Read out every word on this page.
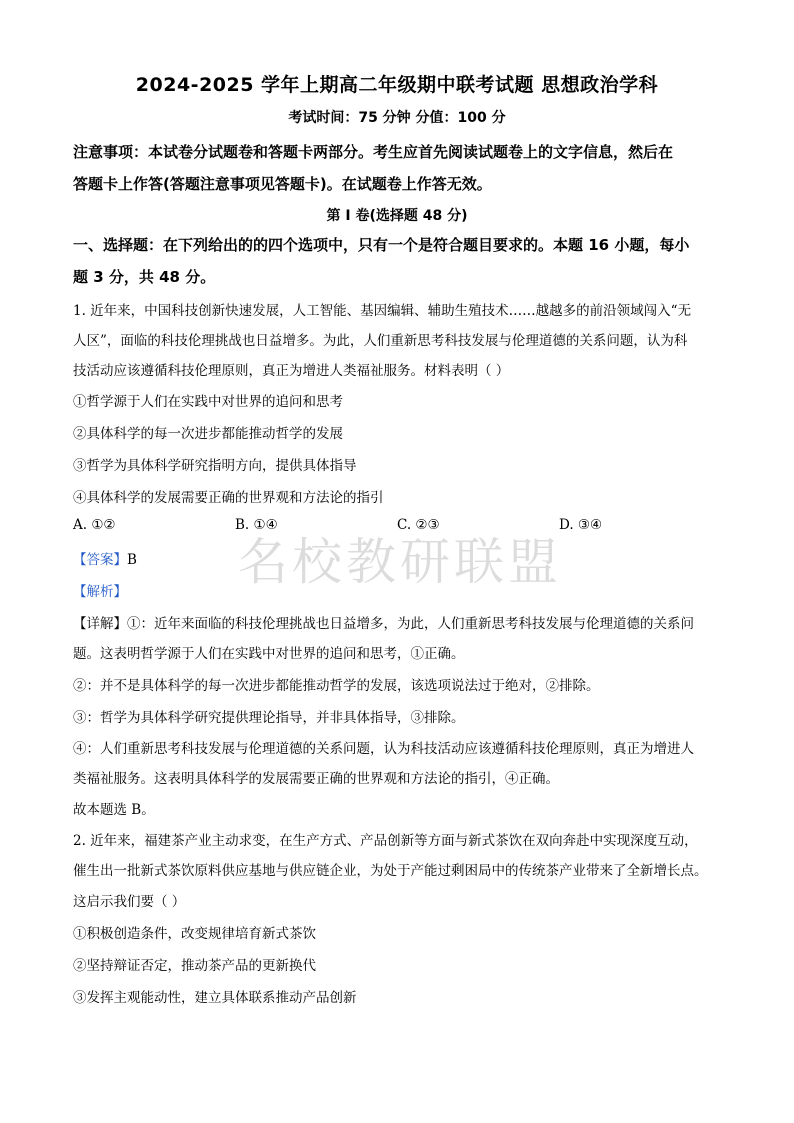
2024-2025 学年上期高二年级期中联考试题 思想政治学科
考试时间：75 分钟 分值：100 分
注意事项：本试卷分试题卷和答题卡两部分。考生应首先阅读试题卷上的文字信息，然后在
答题卡上作答(答题注意事项见答题卡)。在试题卷上作答无效。
第 I 卷(选择题 48 分)
一、选择题：在下列给出的的四个选项中，只有一个是符合题目要求的。本题 16 小题，每小
题 3 分，共 48 分。
1. 近年来，中国科技创新快速发展，人工智能、基因编辑、辅助生殖技术……越越多的前沿领域闯入“无
人区”，面临的科技伦理挑战也日益增多。为此，人们重新思考科技发展与伦理道德的关系问题，认为科
技活动应该遵循科技伦理原则，真正为增进人类福祉服务。材料表明（ ）
①哲学源于人们在实践中对世界的追问和思考
②具体科学的每一次进步都能推动哲学的发展
③哲学为具体科学研究指明方向，提供具体指导
④具体科学的发展需要正确的世界观和方法论的指引
A. ①②	B. ①④	C. ②③	D. ③④
名校教研联盟
【答案】B
【解析】
【详解】①：近年来面临的科技伦理挑战也日益增多，为此，人们重新思考科技发展与伦理道德的关系问
题。这表明哲学源于人们在实践中对世界的追问和思考，①正确。
②：并不是具体科学的每一次进步都能推动哲学的发展，该选项说法过于绝对，②排除。
③：哲学为具体科学研究提供理论指导，并非具体指导，③排除。
④：人们重新思考科技发展与伦理道德的关系问题，认为科技活动应该遵循科技伦理原则，真正为增进人
类福祉服务。这表明具体科学的发展需要正确的世界观和方法论的指引，④正确。
故本题选 B。
2. 近年来，福建茶产业主动求变，在生产方式、产品创新等方面与新式茶饮在双向奔赴中实现深度互动，
催生出一批新式茶饮原料供应基地与供应链企业，为处于产能过剩困局中的传统茶产业带来了全新增长点。
这启示我们要（ ）
①积极创造条件，改变规律培育新式茶饮
②坚持辩证否定，推动茶产品的更新换代
③发挥主观能动性，建立具体联系推动产品创新
